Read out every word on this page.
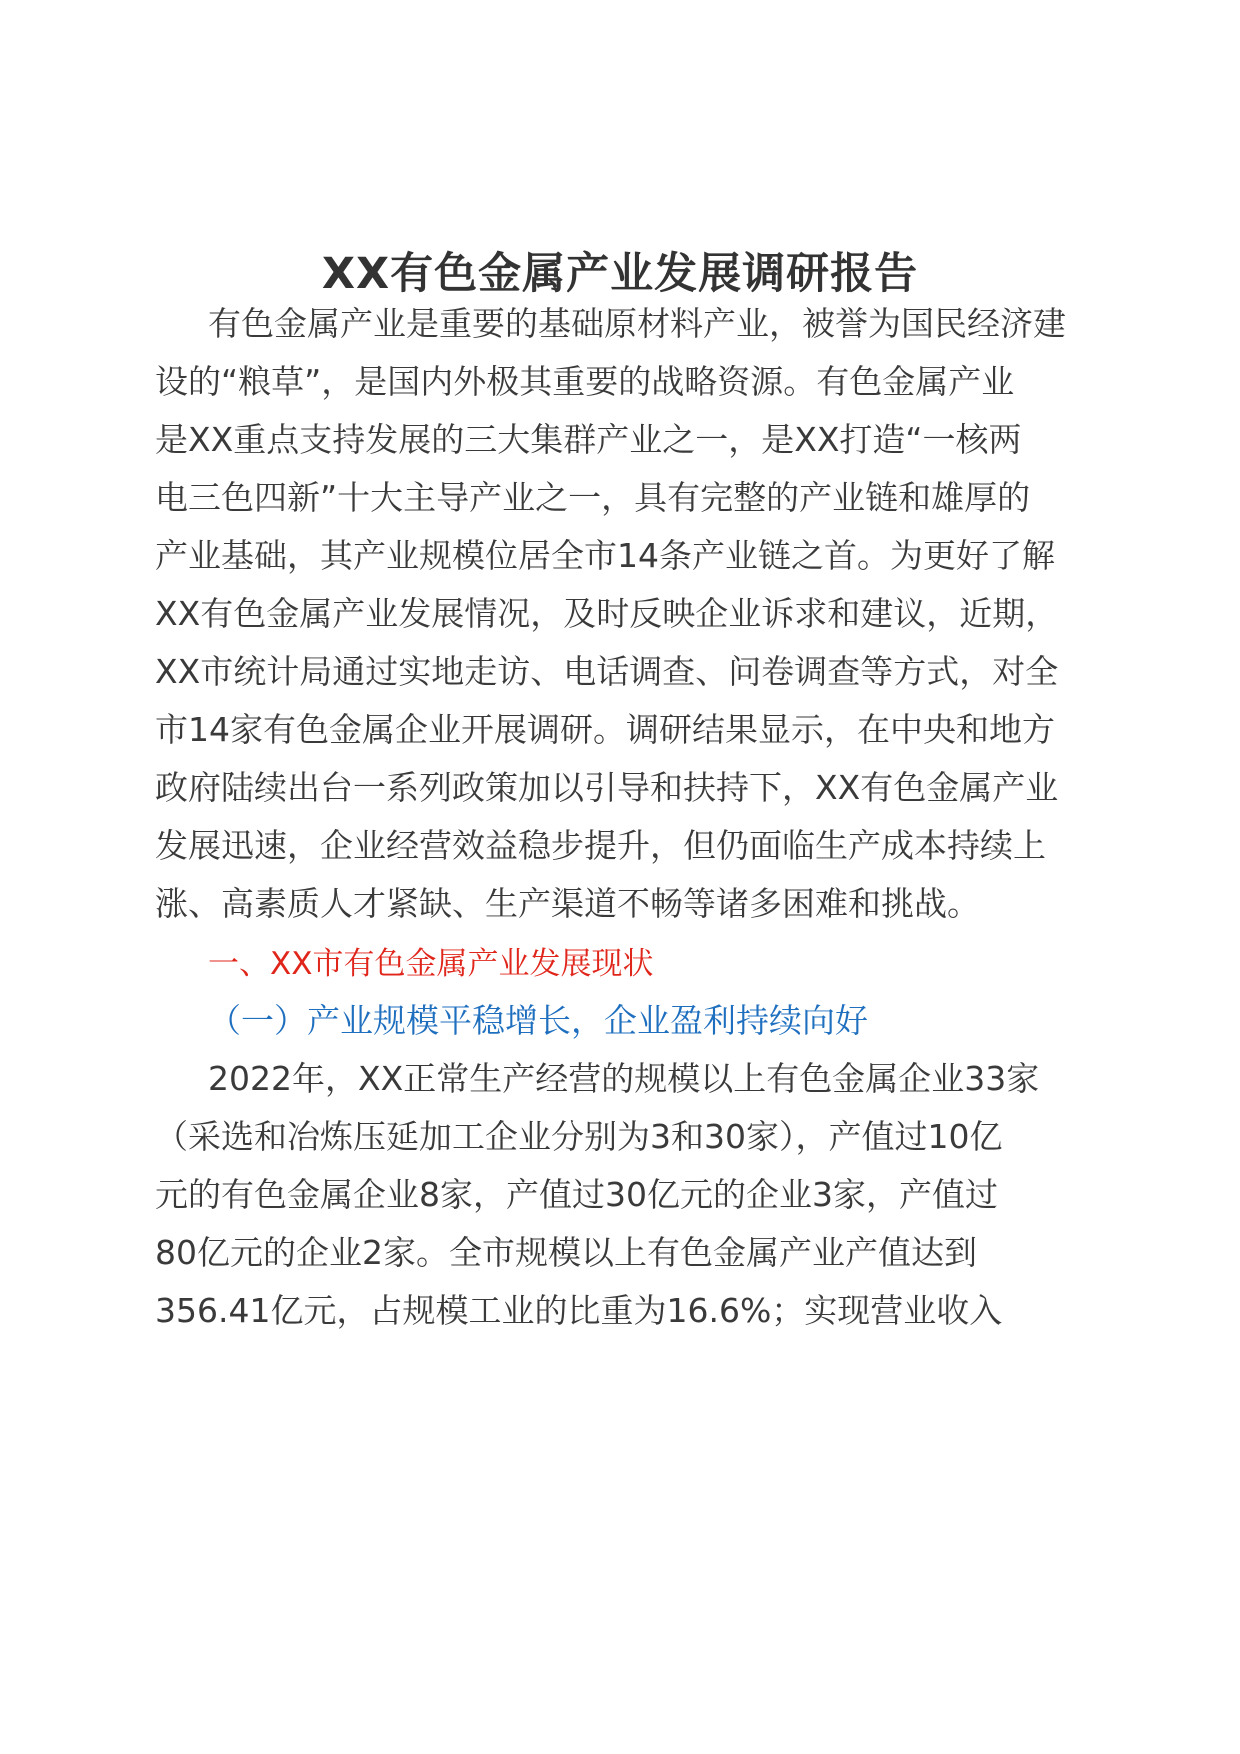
XX有色金属产业发展调研报告
有色金属产业是重要的基础原材料产业，被誉为国民经济建
设的“粮草”，是国内外极其重要的战略资源。有色金属产业
是XX重点支持发展的三大集群产业之一，是XX打造“一核两
电三色四新”十大主导产业之一，具有完整的产业链和雄厚的
产业基础，其产业规模位居全市14条产业链之首。为更好了解
XX有色金属产业发展情况，及时反映企业诉求和建议，近期，
XX市统计局通过实地走访、电话调查、问卷调查等方式，对全
市14家有色金属企业开展调研。调研结果显示，在中央和地方
政府陆续出台一系列政策加以引导和扶持下，XX有色金属产业
发展迅速，企业经营效益稳步提升，但仍面临生产成本持续上
涨、高素质人才紧缺、生产渠道不畅等诸多困难和挑战。
一、XX市有色金属产业发展现状
（一）产业规模平稳增长，企业盈利持续向好
2022年，XX正常生产经营的规模以上有色金属企业33家
（采选和冶炼压延加工企业分别为3和30家），产值过10亿
元的有色金属企业8家，产值过30亿元的企业3家，产值过
80亿元的企业2家。全市规模以上有色金属产业产值达到
356.41亿元，占规模工业的比重为16.6%；实现营业收入
